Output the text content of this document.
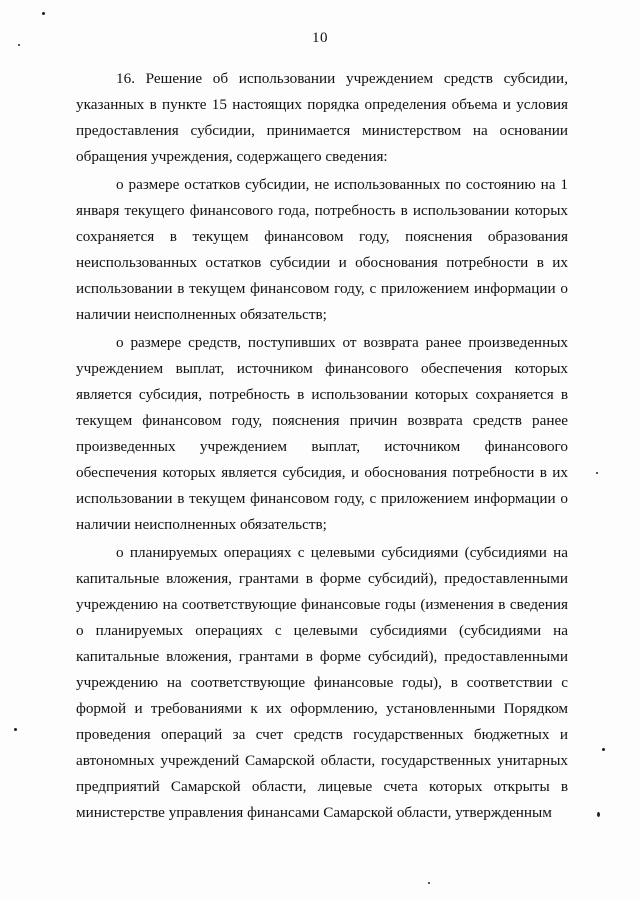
10

16. Решение об использовании учреждением средств субсидии, указанных в пункте 15 настоящих порядка определения объема и условия предоставления субсидии, принимается министерством на основании обращения учреждения, содержащего сведения:

о размере остатков субсидии, не использованных по состоянию на 1 января текущего финансового года, потребность в использовании которых сохраняется в текущем финансовом году, пояснения образования неиспользованных остатков субсидии и обоснования потребности в их использовании в текущем финансовом году, с приложением информации о наличии неисполненных обязательств;

о размере средств, поступивших от возврата ранее произведенных учреждением выплат, источником финансового обеспечения которых является субсидия, потребность в использовании которых сохраняется в текущем финансовом году, пояснения причин возврата средств ранее произведенных учреждением выплат, источником финансового обеспечения которых является субсидия, и обоснования потребности в их использовании в текущем финансовом году, с приложением информации о наличии неисполненных обязательств;

о планируемых операциях с целевыми субсидиями (субсидиями на капитальные вложения, грантами в форме субсидий), предоставленными учреждению на соответствующие финансовые годы (изменения в сведения о планируемых операциях с целевыми субсидиями (субсидиями на капитальные вложения, грантами в форме субсидий), предоставленными учреждению на соответствующие финансовые годы), в соответствии с формой и требованиями к их оформлению, установленными Порядком проведения операций за счет средств государственных бюджетных и автономных учреждений Самарской области, государственных унитарных предприятий Самарской области, лицевые счета которых открыты в министерстве управления финансами Самарской области, утвержденным
